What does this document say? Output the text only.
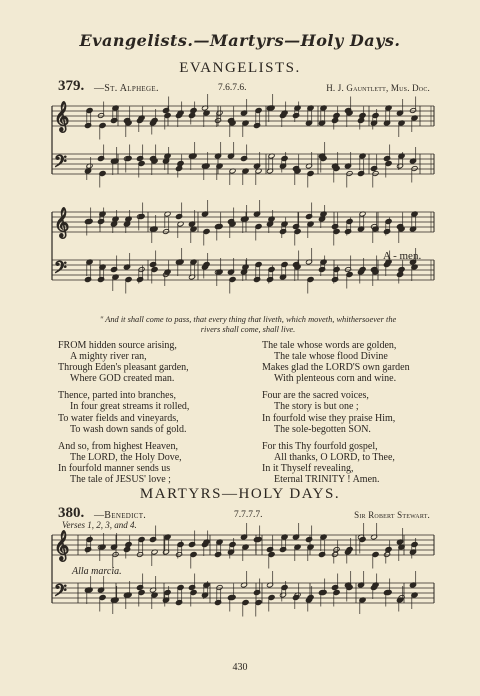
Evangelists.—Martyrs—Holy Days.
EVANGELISTS.
379. —St. Alphege.	7.6.7.6.	H. J. Gauntlett, Mus. Doc.
𝄞
𝄢
𝄞
𝄢
𝄞
𝄢
A - men.
" And it shall come to pass, that every thing that liveth, which moveth, whithersoever the
rivers shall come, shall live.
FROM hidden source arising,
A mighty river ran,
Through Eden's pleasant garden,
Where GOD created man.
Thence, parted into branches,
In four great streams it rolled,
To water fields and vineyards,
To wash down sands of gold.
And so, from highest Heaven,
The LORD, the Holy Dove,
In fourfold manner sends us
The tale of JESUS' love ;
The tale whose words are golden,
The tale whose flood Divine
Makes glad the LORD'S own garden
With plenteous corn and wine.
Four are the sacred voices,
The story is but one ;
In fourfold wise they praise Him,
The sole-begotten SON.
For this Thy fourfold gospel,
All thanks, O LORD, to Thee,
In it Thyself revealing,
Eternal TRINITY ! Amen.
MARTYRS—HOLY DAYS.
380. —Benedict.	7.7.7.7.	Sir Robert Stewart.
Verses 1, 2, 3, and 4.
Alla marcia.
430
